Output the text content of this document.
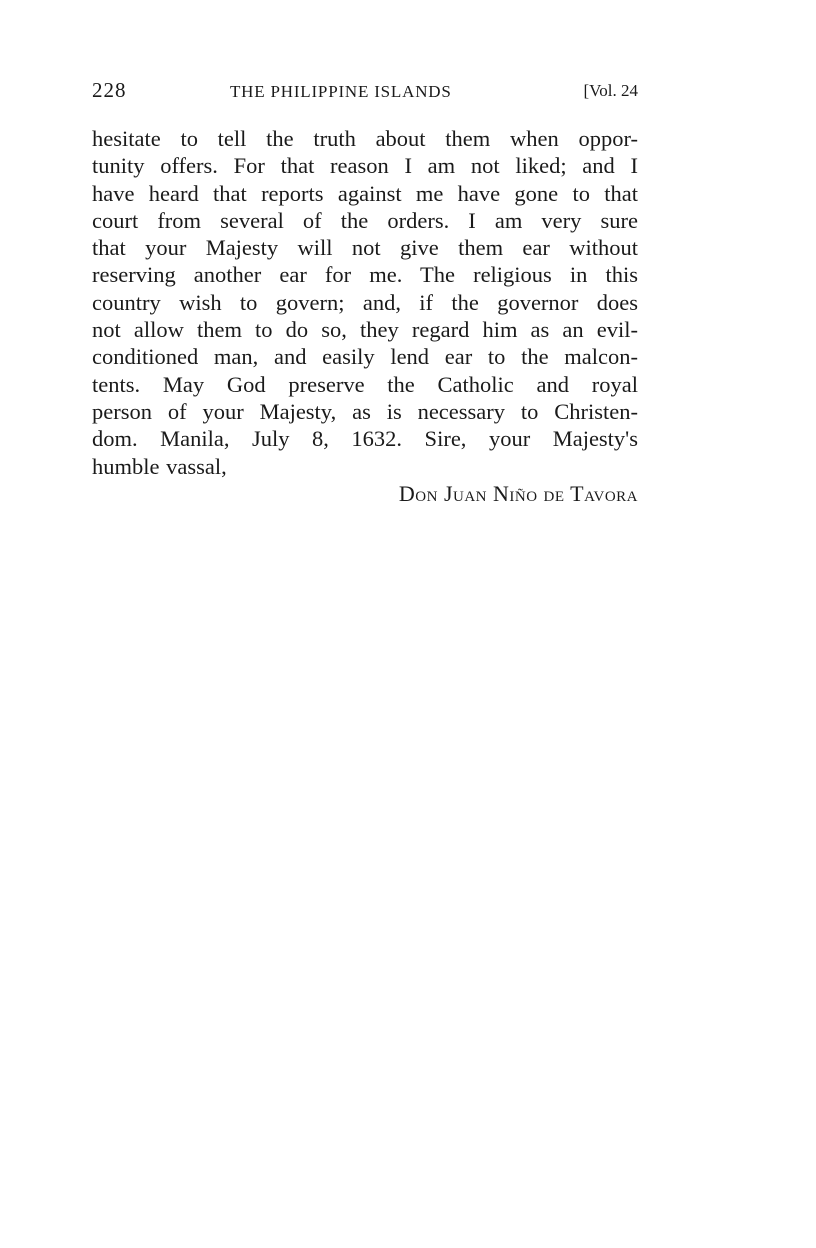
228	THE PHILIPPINE ISLANDS	[Vol. 24
hesitate to tell the truth about them when oppor-
tunity offers. For that reason I am not liked; and I
have heard that reports against me have gone to that
court from several of the orders. I am very sure
that your Majesty will not give them ear without
reserving another ear for me. The religious in this
country wish to govern; and, if the governor does
not allow them to do so, they regard him as an evil-
conditioned man, and easily lend ear to the malcon-
tents. May God preserve the Catholic and royal
person of your Majesty, as is necessary to Christen-
dom. Manila, July 8, 1632. Sire, your Majesty's
humble vassal,
Don Juan Niño de Tavora
